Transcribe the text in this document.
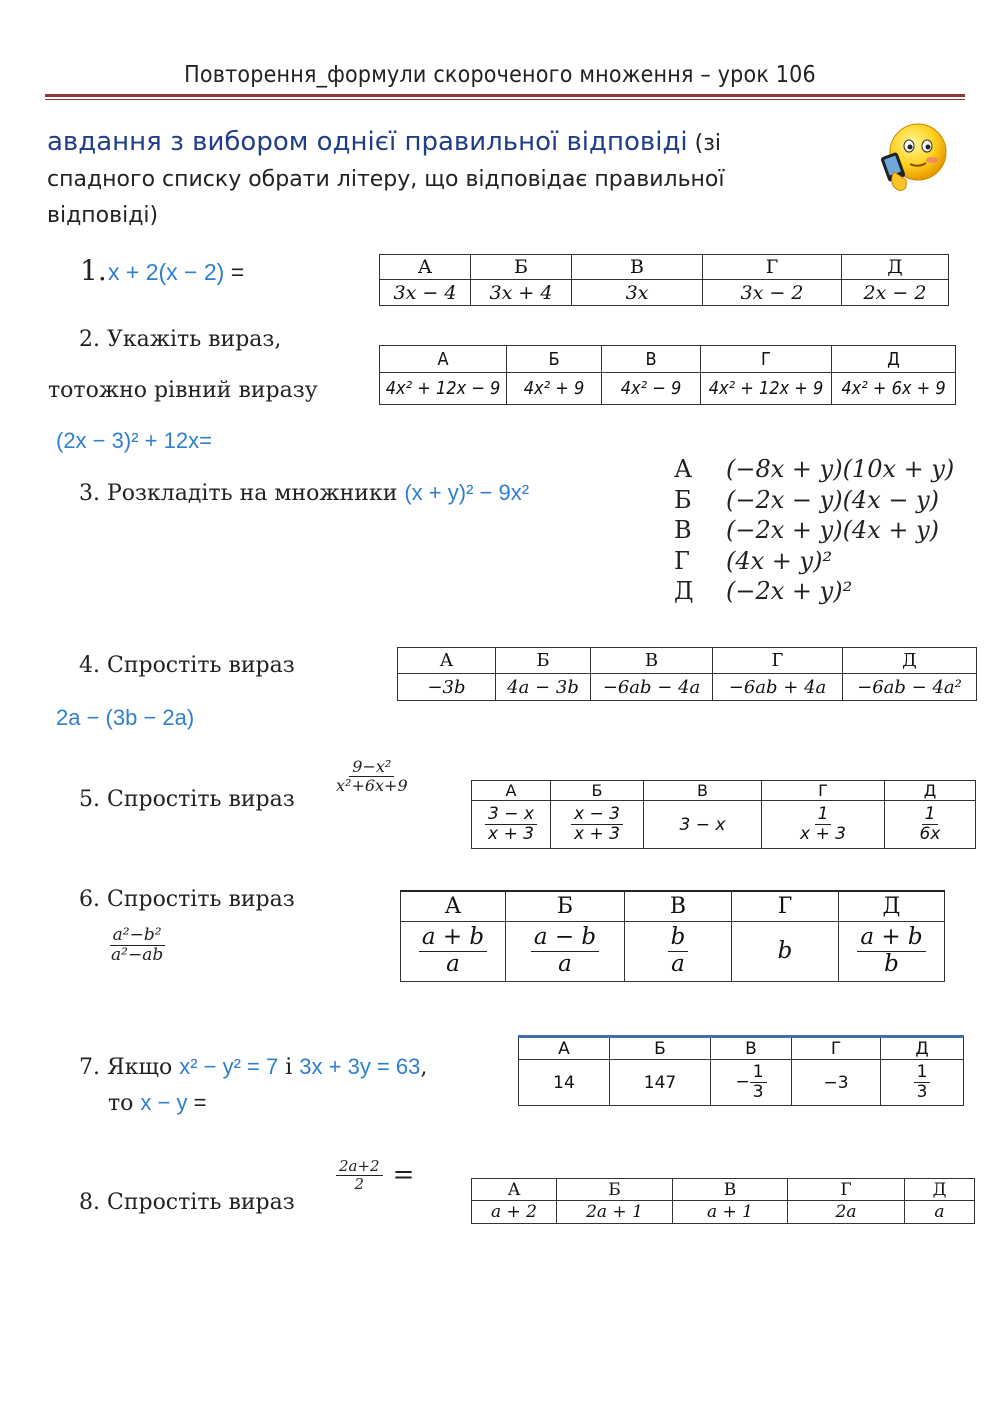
Повторення_формули скороченого множення – урок 106
авдання з вибором однієї правильної відповіді (зі
спадного списку обрати літеру, що відповідає правильної
відповіді)
1. x + 2(x − 2) =	А	Б	В	Г	Д
3x − 4	3x + 4	3x	3x − 2	2x − 2
2. Укажіть вираз,
тотожно рівний виразу
(2x − 3)² + 12x=
А	Б	В	Г	Д
4x² + 12x − 9	4x² + 9	4x² − 9	4x² + 12x + 9	4x² + 6x + 9
3. Розкладіть на множники (x + y)² − 9x²
А	(−8x + y)(10x + y)
Б	(−2x − y)(4x − y)
В	(−2x + y)(4x + y)
Г	(4x + y)²
Д	(−2x + y)²
4. Спростіть вираз
2a − (3b − 2a)
А	Б	В	Г	Д
−3b	4a − 3b	−6ab − 4a	−6ab + 4a	−6ab − 4a²
5. Спростіть вираз
$\frac{\text{9−x²}}{\text{x²+6x+9}}$	А	Б	В	Г	Д

$\frac{3 - x}{x + 3}$	$\frac{x - 3}{x + 3}$	3 − x	$\frac{1}{x + 3}$	$\frac{1}{6x}$
6. Спростіть вираз
$\frac{\text{a²−b²}}{\text{a²−ab}}$
А	Б	В	Г	Д

$\frac{a + b}{a}$	$\frac{a - b}{a}$	$\frac{b}{a}$	b	$\frac{a + b}{b}$
7. Якщо x² − y² = 7 і 3x + 3y = 63,
то x − y =
А	Б	В	Г	Д
14	147	− $\frac{1}{3}$	−3	$\frac{1}{3}$
8. Спростіть вираз
$\frac{2a+2}{2}$ =	А	Б	В	Г	Д
a + 2	2a + 1	a + 1	2a	a
